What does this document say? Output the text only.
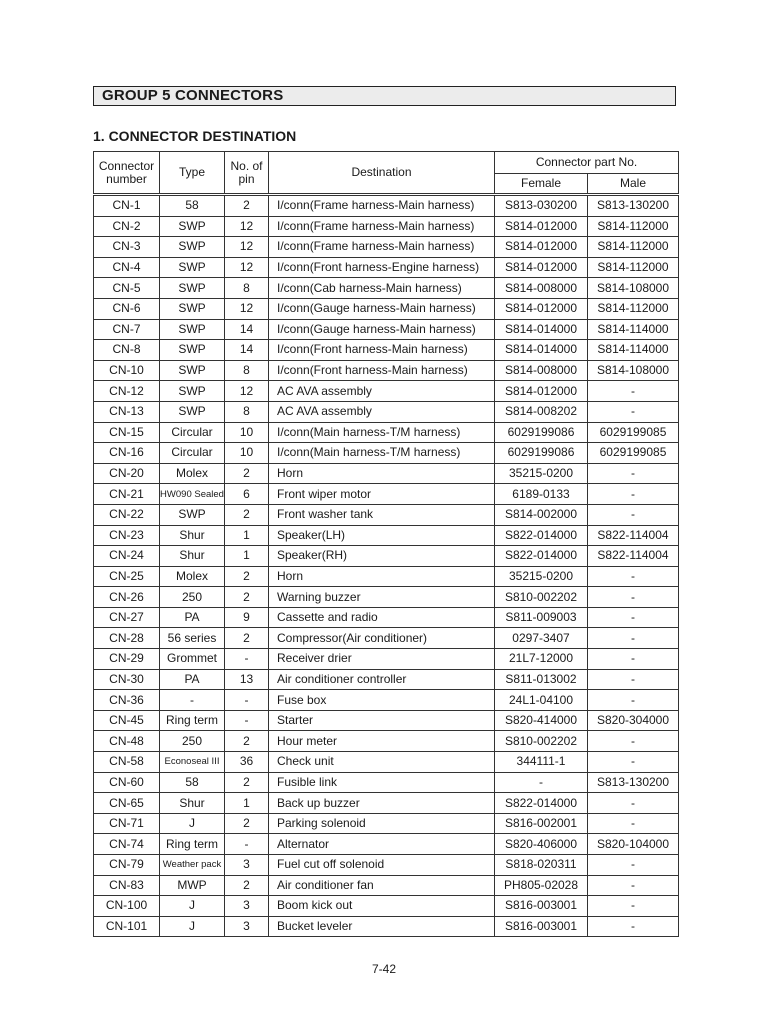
GROUP 5 CONNECTORS
1. CONNECTOR DESTINATION
Connector number	Type	No. of pin	Destination	Connector part No.	
				Female	Male
CN-1	58	2	I/conn(Frame harness-Main harness)	S813-030200	S813-130200
CN-2	SWP	12	I/conn(Frame harness-Main harness)	S814-012000	S814-112000
CN-3	SWP	12	I/conn(Frame harness-Main harness)	S814-012000	S814-112000
CN-4	SWP	12	I/conn(Front harness-Engine harness)	S814-012000	S814-112000
CN-5	SWP	8	I/conn(Cab harness-Main harness)	S814-008000	S814-108000
CN-6	SWP	12	I/conn(Gauge harness-Main harness)	S814-012000	S814-112000
CN-7	SWP	14	I/conn(Gauge harness-Main harness)	S814-014000	S814-114000
CN-8	SWP	14	I/conn(Front harness-Main harness)	S814-014000	S814-114000
CN-10	SWP	8	I/conn(Front harness-Main harness)	S814-008000	S814-108000
CN-12	SWP	12	AC AVA assembly	S814-012000	-
CN-13	SWP	8	AC AVA assembly	S814-008202	-
CN-15	Circular	10	I/conn(Main harness-T/M harness)	6029199086	6029199085
CN-16	Circular	10	I/conn(Main harness-T/M harness)	6029199086	6029199085
CN-20	Molex	2	Horn	35215-0200	-
CN-21	HW090 Sealed	6	Front wiper motor	6189-0133	-
CN-22	SWP	2	Front washer tank	S814-002000	-
CN-23	Shur	1	Speaker(LH)	S822-014000	S822-114004
CN-24	Shur	1	Speaker(RH)	S822-014000	S822-114004
CN-25	Molex	2	Horn	35215-0200	-
CN-26	250	2	Warning buzzer	S810-002202	-
CN-27	PA	9	Cassette and radio	S811-009003	-
CN-28	56 series	2	Compressor(Air conditioner)	0297-3407	-
CN-29	Grommet	-	Receiver drier	21L7-12000	-
CN-30	PA	13	Air conditioner controller	S811-013002	-
CN-36	-	-	Fuse box	24L1-04100	-
CN-45	Ring term	-	Starter	S820-414000	S820-304000
CN-48	250	2	Hour meter	S810-002202	-
CN-58	Econoseal III	36	Check unit	344111-1	-
CN-60	58	2	Fusible link	-	S813-130200
CN-65	Shur	1	Back up buzzer	S822-014000	-
CN-71	J	2	Parking solenoid	S816-002001	-
CN-74	Ring term	-	Alternator	S820-406000	S820-104000
CN-79	Weather pack	3	Fuel cut off solenoid	S818-020311	-
CN-83	MWP	2	Air conditioner fan	PH805-02028	-
CN-100	J	3	Boom kick out	S816-003001	-
CN-101	J	3	Bucket leveler	S816-003001	-
7-42
